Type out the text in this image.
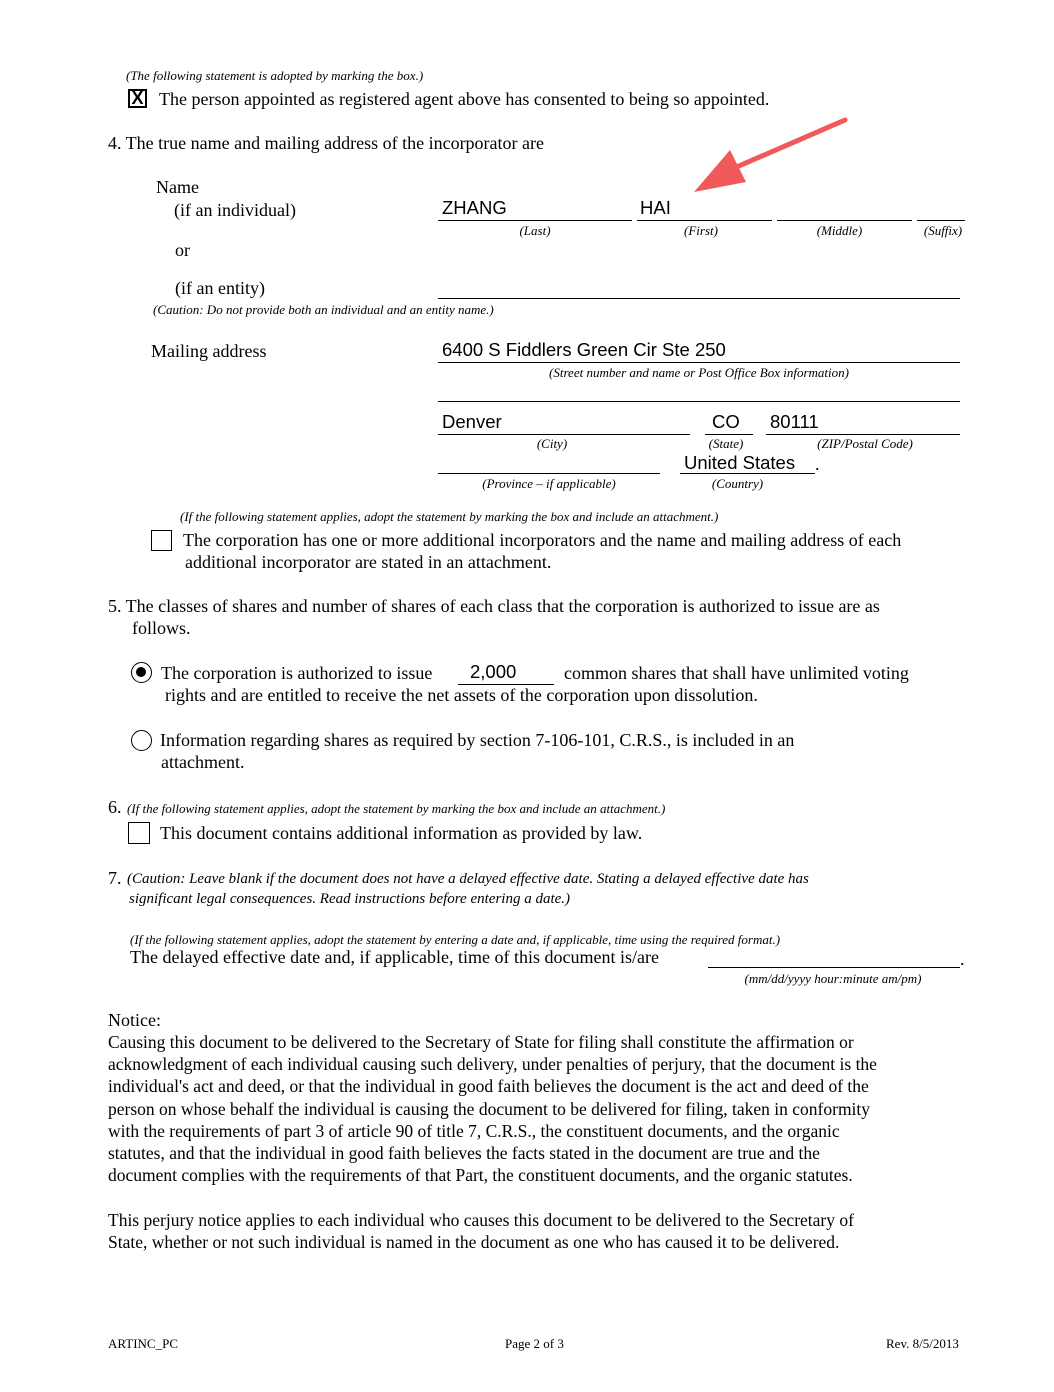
(The following statement is adopted by marking the box.)
X The person appointed as registered agent above has consented to being so appointed.
4. The true name and mailing address of the incorporator are
Name
(if an individual)
or
(if an entity)
(Caution: Do not provide both an individual and an entity name.)
ZHANG	HAI
(Last)	(First)	(Middle)	(Suffix)
Mailing address	6400 S Fiddlers Green Cir Ste 250
(Street number and name or Post Office Box information)
Denver	CO 80111
(City)	(State)	(ZIP/Postal Code)
United States .
(Province – if applicable)	(Country)
(If the following statement applies, adopt the statement by marking the box and include an attachment.)
The corporation has one or more additional incorporators and the name and mailing address of each
additional incorporator are stated in an attachment.
5. The classes of shares and number of shares of each class that the corporation is authorized to issue are as
follows.
The corporation is authorized to issue 2,000	common shares that shall have unlimited voting
rights and are entitled to receive the net assets of the corporation upon dissolution.
Information regarding shares as required by section 7-106-101, C.R.S., is included in an
attachment.
6. (If the following statement applies, adopt the statement by marking the box and include an attachment.)
This document contains additional information as provided by law.
7. (Caution: Leave blank if the document does not have a delayed effective date. Stating a delayed effective date has
significant legal consequences. Read instructions before entering a date.)
(If the following statement applies, adopt the statement by entering a date and, if applicable, time using the required format.)
The delayed effective date and, if applicable, time of this document is/are	.
(mm/dd/yyyy hour:minute am/pm)
Notice:
Causing this document to be delivered to the Secretary of State for filing shall constitute the affirmation or
acknowledgment of each individual causing such delivery, under penalties of perjury, that the document is the
individual's act and deed, or that the individual in good faith believes the document is the act and deed of the
person on whose behalf the individual is causing the document to be delivered for filing, taken in conformity
with the requirements of part 3 of article 90 of title 7, C.R.S., the constituent documents, and the organic
statutes, and that the individual in good faith believes the facts stated in the document are true and the
document complies with the requirements of that Part, the constituent documents, and the organic statutes.
This perjury notice applies to each individual who causes this document to be delivered to the Secretary of
State, whether or not such individual is named in the document as one who has caused it to be delivered.
ARTINC_PC	Page 2 of 3	Rev. 8/5/2013
